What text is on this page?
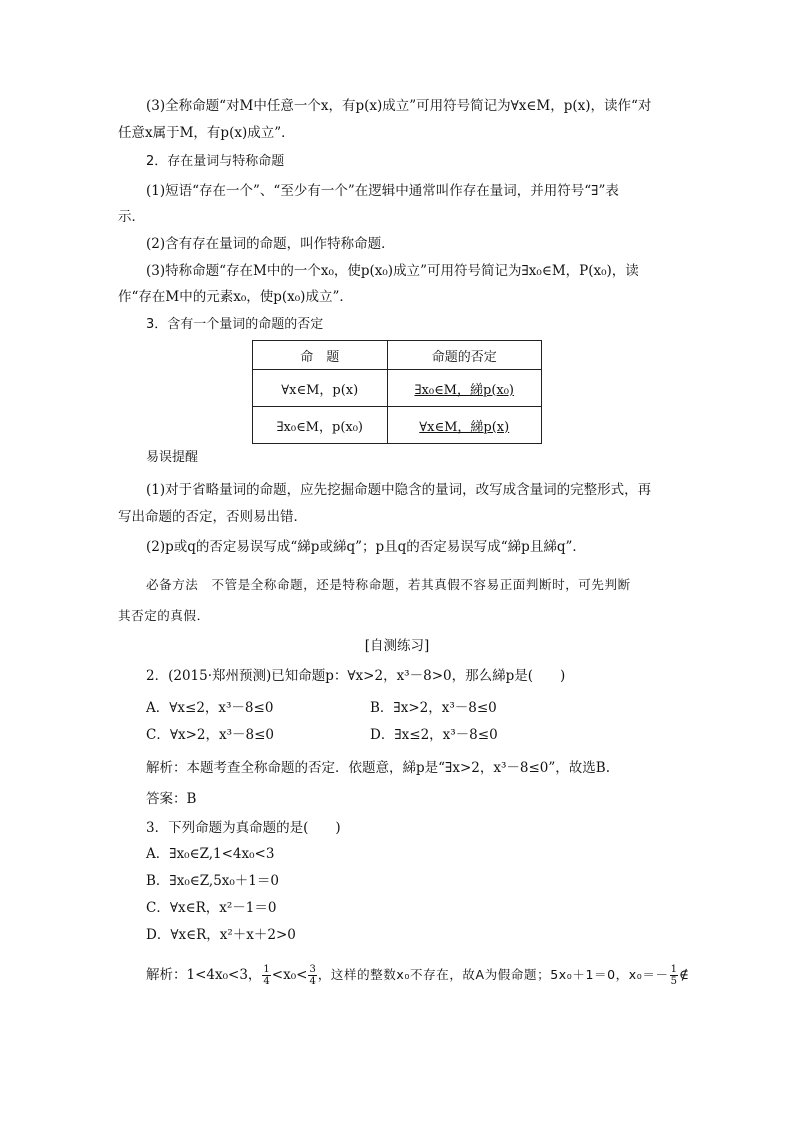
(3)全称命题“对M中任意一个x，有p(x)成立”可用符号简记为∀x∈M，p(x)，读作“对
任意x属于M，有p(x)成立”．
2．存在量词与特称命题
(1)短语“存在一个”、“至少有一个”在逻辑中通常叫作存在量词，并用符号“∃”表
示．
(2)含有存在量词的命题，叫作特称命题．
(3)特称命题“存在M中的一个x₀，使p(x₀)成立”可用符号简记为∃x₀∈M，P(x₀)，读
作“存在M中的元素x₀，使p(x₀)成立”．
3．含有一个量词的命题的否定
命　题	命题的否定
∀x∈M，p(x)	∃x₀∈M，綈p(x₀)
∃x₀∈M，p(x₀)	∀x∈M，綈p(x)
易误提醒
(1)对于省略量词的命题，应先挖掘命题中隐含的量词，改写成含量词的完整形式，再
写出命题的否定，否则易出错．
(2)p或q的否定易误写成“綈p或綈q”；p且q的否定易误写成“綈p且綈q”．
必备方法　不管是全称命题，还是特称命题，若其真假不容易正面判断时，可先判断
其否定的真假．
[自测练习]
2．(2015·郑州预测)已知命题p：∀x>2，x³－8>0，那么綈p是(　　)
A．∀x≤2，x³－8≤0	B．∃x>2，x³－8≤0
C．∀x>2，x³－8≤0	D．∃x≤2，x³－8≤0
解析：本题考查全称命题的否定．依题意，綈p是“∃x>2，x³－8≤0”，故选B.
答案：B
3．下列命题为真命题的是(　　)
A．∃x₀∈Z,1<4x₀<3
B．∃x₀∈Z,5x₀＋1＝0
C．∀x∈R，x²－1＝0
D．∀x∈R，x²＋x＋2>0
解析：1<4x₀<3， $\frac{1}{4} <x_0< \frac{3}{4}$ ，这样的整数x₀不存在，故A为假命题；5x₀＋1＝0，$x_0=- \frac{1}{5}$ ∉
